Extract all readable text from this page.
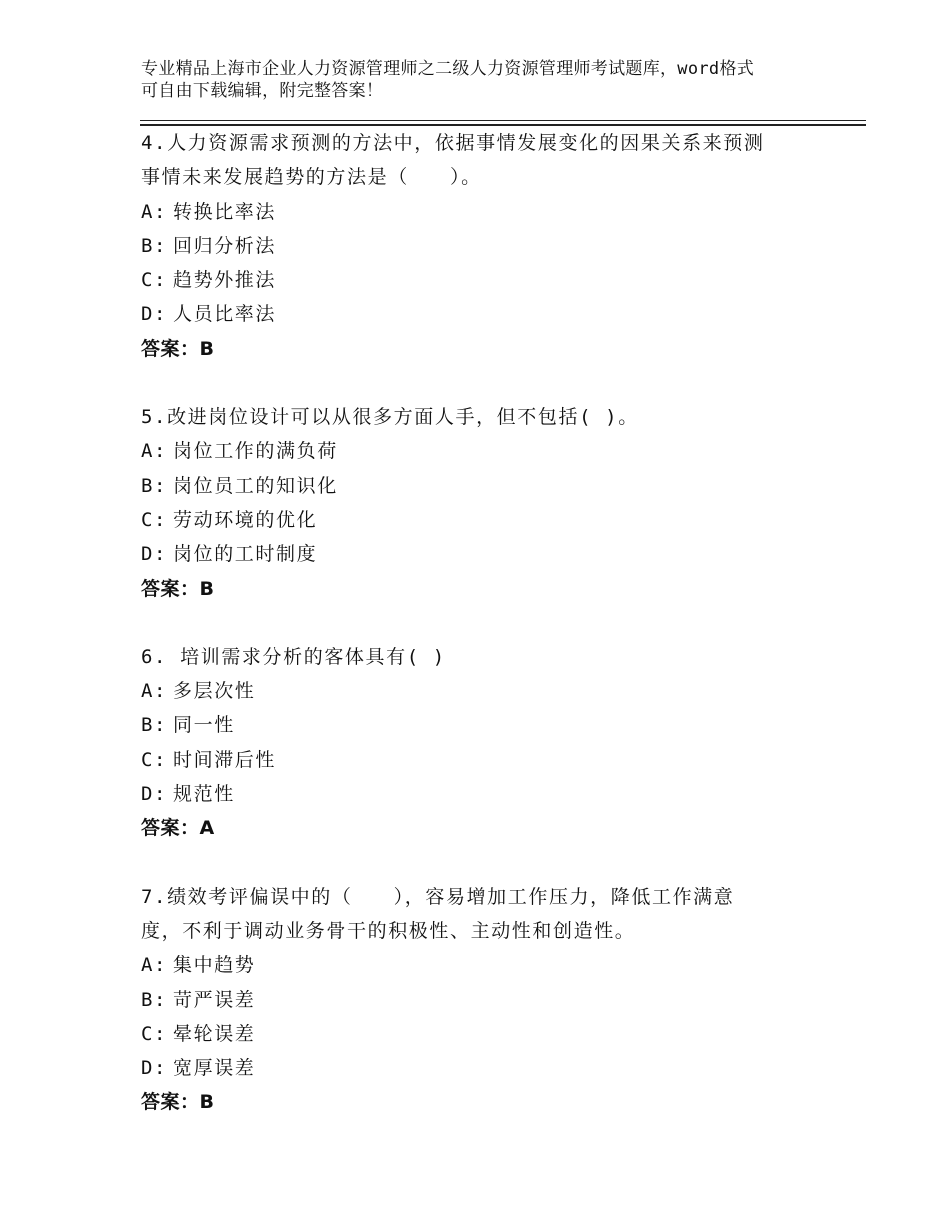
专业精品上海市企业人力资源管理师之二级人力资源管理师考试题库，word格式
可自由下载编辑，附完整答案！
4.人力资源需求预测的方法中，依据事情发展变化的因果关系来预测
事情未来发展趋势的方法是（　　）。
A: 转换比率法
B: 回归分析法
C: 趋势外推法
D: 人员比率法
答案：B
5.改进岗位设计可以从很多方面人手，但不包括( )。
A: 岗位工作的满负荷
B: 岗位员工的知识化
C: 劳动环境的优化
D: 岗位的工时制度
答案：B
6. 培训需求分析的客体具有( )
A: 多层次性
B: 同一性
C: 时间滞后性
D: 规范性
答案：A
7.绩效考评偏误中的（　　），容易增加工作压力，降低工作满意
度，不利于调动业务骨干的积极性、主动性和创造性。
A: 集中趋势
B: 苛严误差
C: 晕轮误差
D: 宽厚误差
答案：B
